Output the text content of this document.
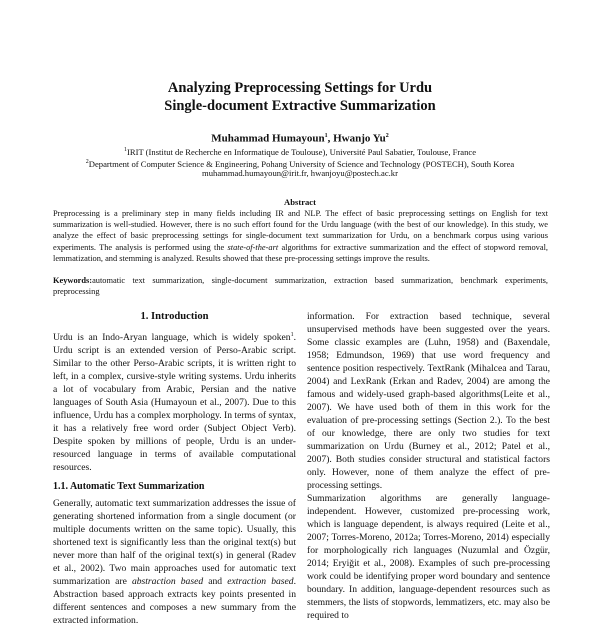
Analyzing Preprocessing Settings for Urdu
Single-document Extractive Summarization
Muhammad Humayoun$^1$, Hwanjo Yu$^2$
$^1$IRIT (Institut de Recherche en Informatique de Toulouse), Université Paul Sabatier, Toulouse, France
$^2$Department of Computer Science & Engineering, Pohang University of Science and Technology (POSTECH), South Korea
muhammad.humayoun@irit.fr, hwanjoyu@postech.ac.kr
Abstract
Preprocessing is a preliminary step in many fields including IR and NLP. The effect of basic preprocessing settings on English for text summarization is well-studied. However, there is no such effort found for the Urdu language (with the best of our knowledge). In this study, we analyze the effect of basic preprocessing settings for single-document text summarization for Urdu, on a benchmark corpus using various experiments. The analysis is performed using the state-of-the-art algorithms for extractive summarization and the effect of stopword removal, lemmatization, and stemming is analyzed. Results showed that these pre-processing settings improve the results.
Keywords:automatic text summarization, single-document summarization, extraction based summarization, benchmark experiments, preprocessing
1. Introduction

Urdu is an Indo-Aryan language, which is widely spoken$^1$. Urdu script is an extended version of Perso-Arabic script. Similar to the other Perso-Arabic scripts, it is written right to left, in a complex, cursive-style writing systems. Urdu inherits a lot of vocabulary from Arabic, Persian and the native languages of South Asia (Humayoun et al., 2007). Due to this influence, Urdu has a complex morphology. In terms of syntax, it has a relatively free word order (Subject Object Verb). Despite spoken by millions of people, Urdu is an under-resourced language in terms of available computational resources.

1.1. Automatic Text Summarization

Generally, automatic text summarization addresses the issue of generating shortened information from a single document (or multiple documents written on the same topic). Usually, this shortened text is significantly less than the original text(s) but never more than half of the original text(s) in general (Radev et al., 2002). Two main approaches used for automatic text summarization are abstraction based and extraction based. Abstraction based approach extracts key points presented in different sentences and composes a new summary from the extracted information.

information. For extraction based technique, several unsupervised methods have been suggested over the years. Some classic examples are (Luhn, 1958) and (Baxendale, 1958; Edmundson, 1969) that use word frequency and sentence position respectively. TextRank (Mihalcea and Tarau, 2004) and LexRank (Erkan and Radev, 2004) are among the famous and widely-used graph-based algorithms(Leite et al., 2007). We have used both of them in this work for the evaluation of pre-processing settings (Section 2.). To the best of our knowledge, there are only two studies for text summarization on Urdu (Burney et al., 2012; Patel et al., 2007). Both studies consider structural and statistical factors only. However, none of them analyze the effect of pre-processing settings.

Summarization algorithms are generally language-independent. However, customized pre-processing work, which is language dependent, is always required (Leite et al., 2007; Torres-Moreno, 2012a; Torres-Moreno, 2014) especially for morphologically rich languages (Nuzumlal and Özgür, 2014; Eryiğit et al., 2008). Examples of such pre-processing work could be identifying proper word boundary and sentence boundary. In addition, language-dependent resources such as stemmers, the lists of stopwords, lemmatizers, etc. may also be required to
